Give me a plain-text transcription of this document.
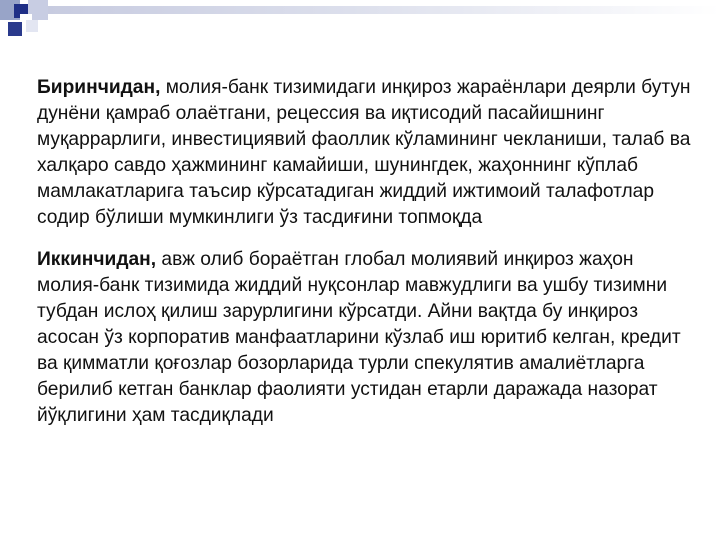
Биринчидан, молия-банк тизимидаги инқироз жараёнлари деярли бутун дунёни қамраб олаётгани, рецессия ва иқтисодий пасайишнинг муқаррарлиги, инвестициявий фаоллик кўламининг чекланиши, талаб ва халқаро савдо ҳажмининг камайиши, шунингдек, жаҳоннинг кўплаб мамлакатларига таъсир кўрсатадиган жиддий ижтимоий талафотлар содир бўлиши мумкинлиги ўз тасдиғини топмоқда

Иккинчидан, авж олиб бораётган глобал молиявий инқироз жаҳон молия-банк тизимида жиддий нуқсонлар мавжудлиги ва ушбу тизимни тубдан ислоҳ қилиш зарурлигини кўрсатди. Айни вақтда бу инқироз асосан ўз корпоратив манфаатларини кўзлаб иш юритиб келган, кредит ва қимматли қоғозлар бозорларида турли спекулятив амалиётларга берилиб кетган банклар фаолияти устидан етарли даражада назорат йўқлигини ҳам тасдиқлади
